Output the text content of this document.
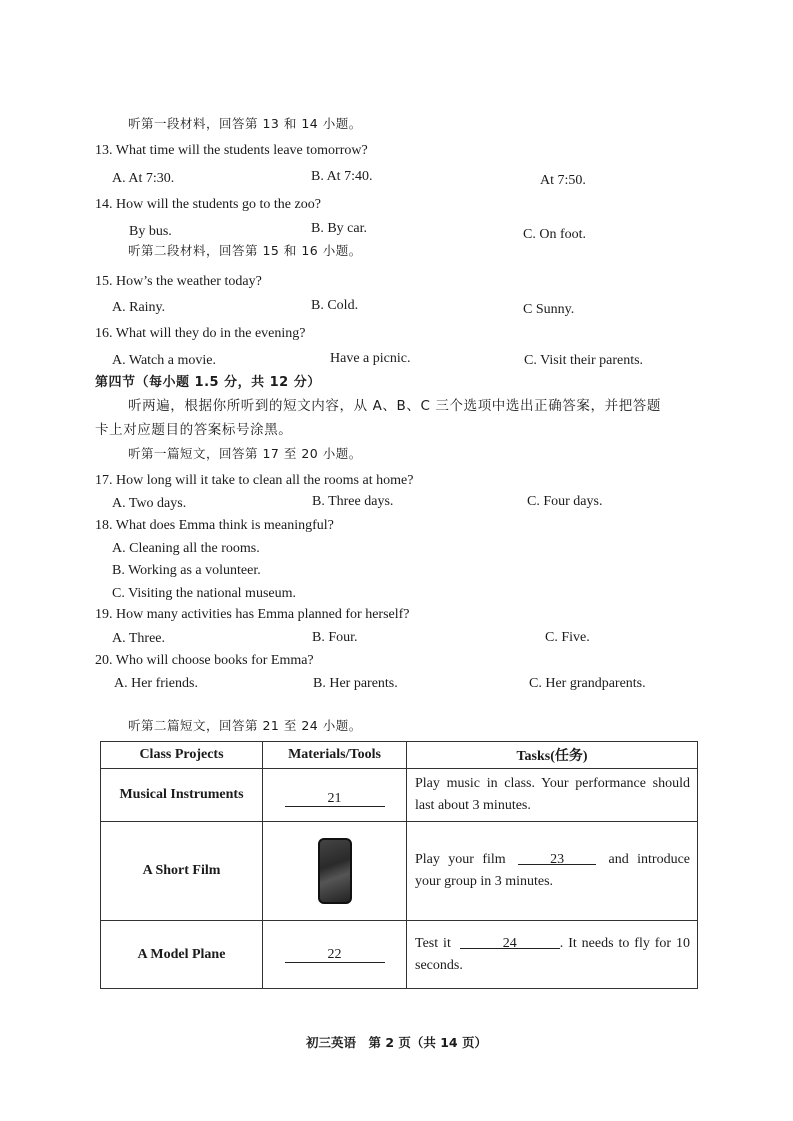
听第一段材料，回答第 13 和 14 小题。
13. What time will the students leave tomorrow?
A. At 7:30.	B. At 7:40.	At 7:50.
14. How will the students go to the zoo?
By bus.	B. By car.	C. On foot.
听第二段材料，回答第 15 和 16 小题。
15. How’s the weather today?
A. Rainy.	B. Cold.	C Sunny.
16. What will they do in the evening?
A. Watch a movie.	Have a picnic.	C. Visit their parents.
第四节（每小题 1.5 分，共 12 分）
听两遍，根据你所听到的短文内容，从 A、B、C 三个选项中选出正确答案，并把答题
卡上对应题目的答案标号涂黑。
听第一篇短文，回答第 17 至 20 小题。
17. How long will it take to clean all the rooms at home?
A. Two days.	B. Three days.	C. Four days.
18. What does Emma think is meaningful?
A. Cleaning all the rooms.
B. Working as a volunteer.
C. Visiting the national museum.
19. How many activities has Emma planned for herself?
A. Three.	B. Four.	C. Five.
20. Who will choose books for Emma?
A. Her friends.	B. Her parents.	C. Her grandparents.
听第二篇短文，回答第 21 至 24 小题。
Class Projects	Materials/Tools	Tasks(任务)
Musical Instruments	21	Play music in class. Your performance should last about 3 minutes.
A Short Film		Play your film 23 and introduce your group in 3 minutes.
A Model Plane	22	Test it 24 . It needs to fly for 10 seconds.
初三英语　第 2 页（共 14 页）
